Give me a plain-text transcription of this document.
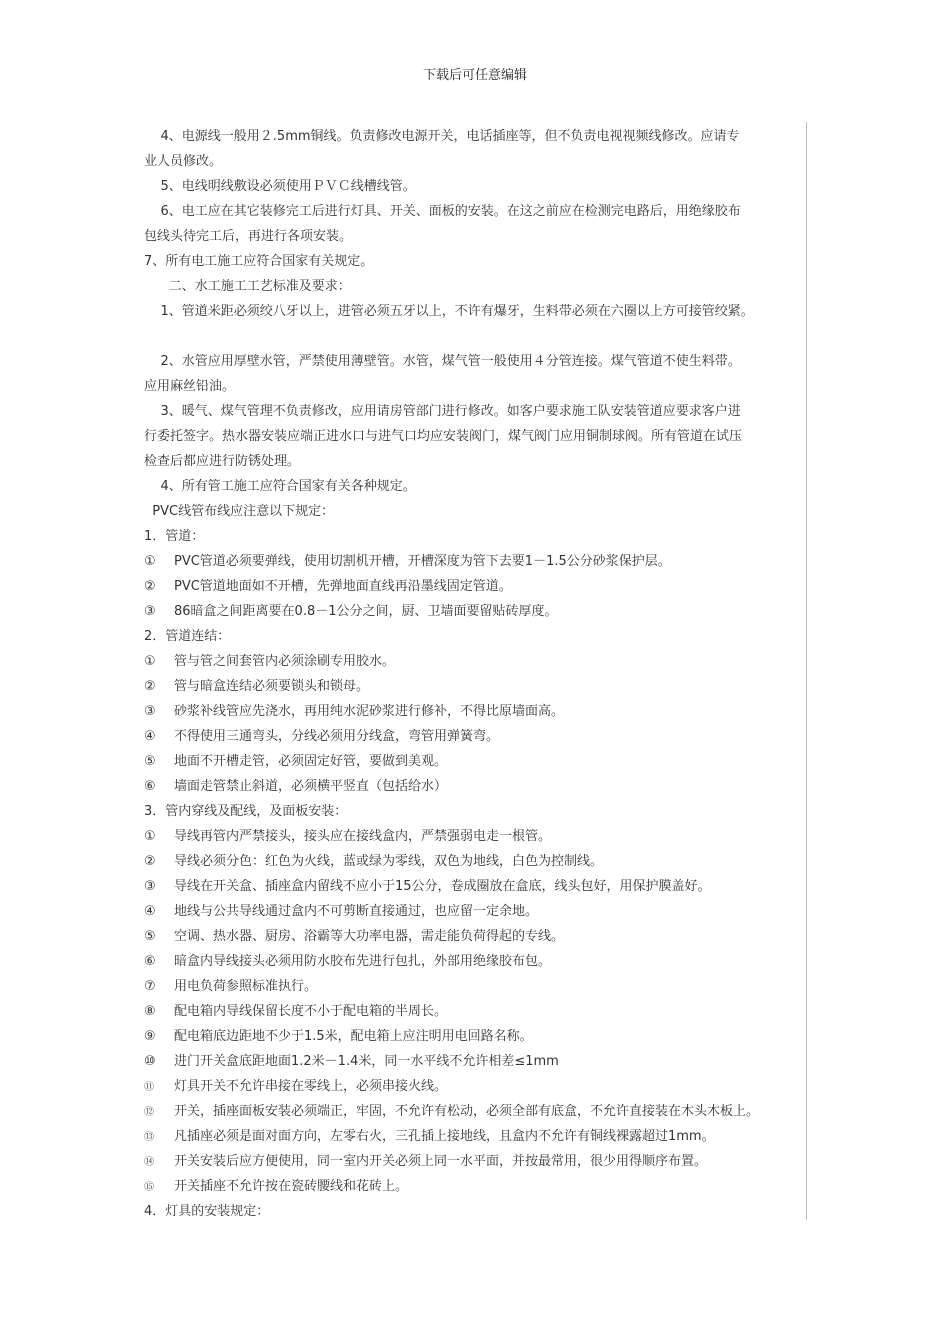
下载后可任意编辑
4、电源线一般用２.5mm铜线。负责修改电源开关，电话插座等，但不负责电视视频线修改。应请专
业人员修改。
5、电线明线敷设必须使用ＰＶＣ线槽线管。
6、电工应在其它装修完工后进行灯具、开关、面板的安装。在这之前应在检测完电路后，用绝缘胶布
包线头待完工后，再进行各项安装。
7、所有电工施工应符合国家有关规定。
二、水工施工工艺标准及要求：
1、管道米距必须绞八牙以上，进管必须五牙以上，不许有爆牙，生料带必须在六圈以上方可接管绞紧。
2、水管应用厚壁水管，严禁使用薄壁管。水管，煤气管一般使用４分管连接。煤气管道不使生料带。
应用麻丝铅油。
3、暖气、煤气管理不负责修改，应用请房管部门进行修改。如客户要求施工队安装管道应要求客户进
行委托签字。热水器安装应端正进水口与进气口均应安装阀门，煤气阀门应用铜制球阀。所有管道在试压
检查后都应进行防锈处理。
4、所有管工施工应符合国家有关各种规定。
PVC线管布线应注意以下规定：
1．管道：
① PVC管道必须要弹线，使用切割机开槽，开槽深度为管下去要1－1.5公分砂浆保护层。
② PVC管道地面如不开槽，先弹地面直线再沿墨线固定管道。
③ 86暗盒之间距离要在0.8－1公分之间，厨、卫墙面要留贴砖厚度。
2．管道连结：
① 管与管之间套管内必须涂刷专用胶水。
② 管与暗盒连结必须要锁头和锁母。
③ 砂浆补线管应先浇水，再用纯水泥砂浆进行修补，不得比原墙面高。
④ 不得使用三通弯头，分线必须用分线盒，弯管用弹簧弯。
⑤ 地面不开槽走管，必须固定好管，要做到美观。
⑥ 墙面走管禁止斜道，必须横平竖直（包括给水）
3．管内穿线及配线，及面板安装：
① 导线再管内严禁接头，接头应在接线盒内，严禁强弱电走一根管。
② 导线必须分色：红色为火线，蓝或绿为零线，双色为地线，白色为控制线。
③ 导线在开关盒、插座盒内留线不应小于15公分，卷成圈放在盒底，线头包好，用保护膜盖好。
④ 地线与公共导线通过盒内不可剪断直接通过，也应留一定余地。
⑤ 空调、热水器、厨房、浴霸等大功率电器，需走能负荷得起的专线。
⑥ 暗盒内导线接头必须用防水胶布先进行包扎，外部用绝缘胶布包。
⑦ 用电负荷参照标准执行。
⑧ 配电箱内导线保留长度不小于配电箱的半周长。
⑨ 配电箱底边距地不少于1.5米，配电箱上应注明用电回路名称。
⑩ 进门开关盒底距地面1.2米－1.4米，同一水平线不允许相差≤1mm
⑪ 灯具开关不允许串接在零线上，必须串接火线。
⑫ 开关，插座面板安装必须端正，牢固，不允许有松动，必须全部有底盒，不允许直接装在木头木板上。
⑬ 凡插座必须是面对面方向，左零右火，三孔插上接地线，且盒内不允许有铜线裸露超过1mm。
⑭ 开关安装后应方便使用，同一室内开关必须上同一水平面，并按最常用，很少用得顺序布置。
⑮ 开关插座不允许按在瓷砖腰线和花砖上。
4．灯具的安装规定：
